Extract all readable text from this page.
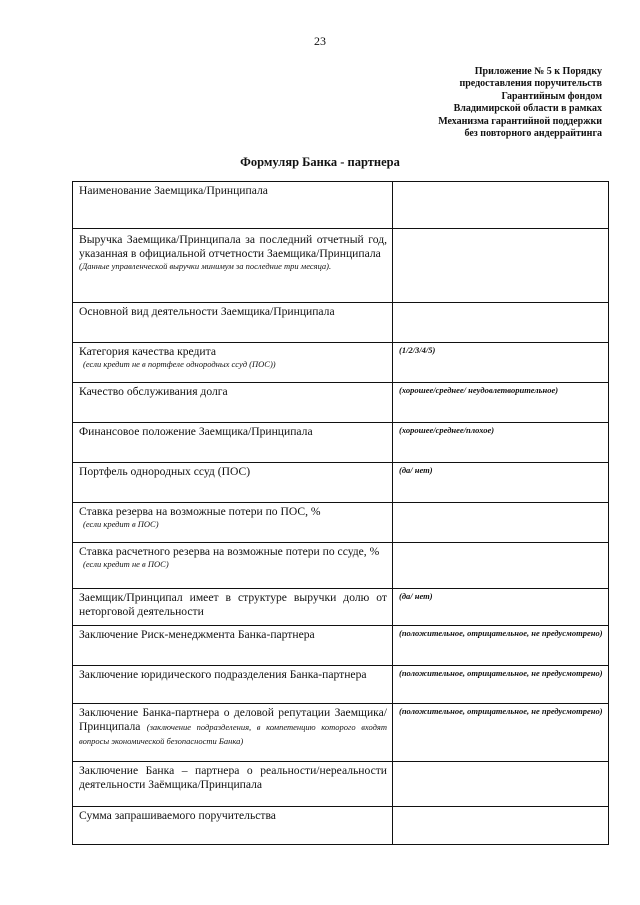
23
Приложение № 5 к Порядку
предоставления поручительств
Гарантийным фондом
Владимирской области в рамках
Механизма гарантийной поддержки
без повторного андеррайтинга
Формуляр Банка - партнера
Наименование Заемщика/Принципала	

Выручка Заемщика/Принципала за последний отчетный год, указанная в официальной отчетности Заемщика/Принципала
(Данные управленческой выручки минимум за последние три месяца).	

Основной вид деятельности Заемщика/Принципала	

Категория качества кредита
(если кредит не в портфеле однородных ссуд (ПОС))	(1/2/3/4/5)

Качество обслуживания долга	(хорошее/среднее/ неудовлетворительное)

Финансовое положение Заемщика/Принципала	(хорошее/среднее/плохое)

Портфель однородных ссуд (ПОС)	(да/ нет)

Ставка резерва на возможные потери по ПОС, %
(если кредит в ПОС)	

Ставка расчетного резерва на возможные потери по ссуде, %
(если кредит не в ПОС)	

Заемщик/Принципал имеет в структуре выручки долю от неторговой деятельности	(да/ нет)

Заключение Риск-менеджмента Банка-партнера	(положительное, отрицательное, не предусмотрено)

Заключение юридического подразделения Банка-партнера	(положительное, отрицательное, не предусмотрено)

Заключение Банка-партнера о деловой репутации Заемщика/Принципала (заключение подразделения, в компетенцию которого входят вопросы экономической безопасности Банка)	(положительное, отрицательное, не предусмотрено)

Заключение Банка – партнера о реальности/нереальности деятельности Заёмщика/Принципала	

Сумма запрашиваемого поручительства	
